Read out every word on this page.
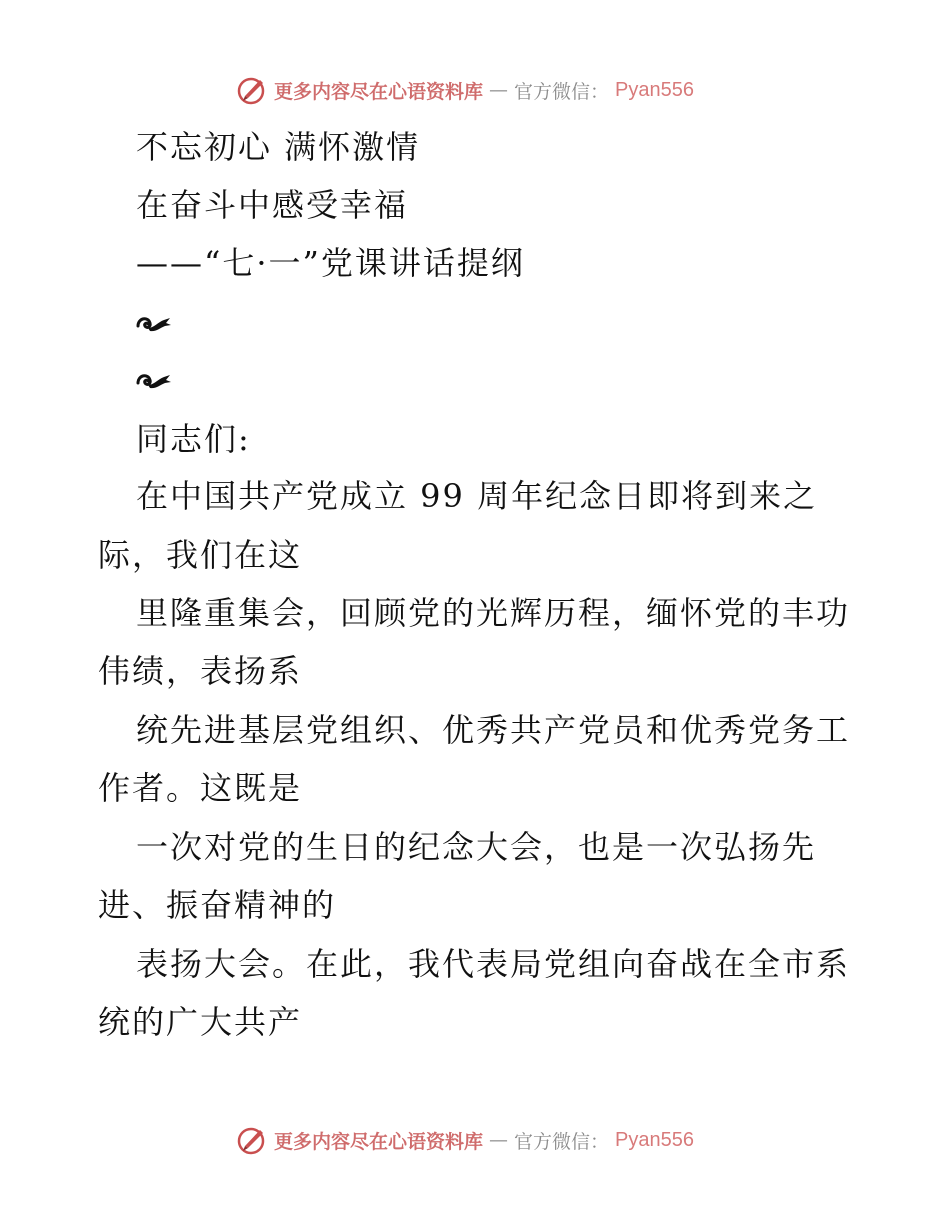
更多内容尽在心语资料库 — 官方微信： Pyan556
不忘初心 满怀激情
在奋斗中感受幸福
——“七·一”党课讲话提纲
同志们:
在中国共产党成立 99 周年纪念日即将到来之
际，我们在这
里隆重集会，回顾党的光辉历程，缅怀党的丰功
伟绩，表扬系
统先进基层党组织、优秀共产党员和优秀党务工
作者。这既是
一次对党的生日的纪念大会，也是一次弘扬先
进、振奋精神的
表扬大会。在此，我代表局党组向奋战在全市系
统的广大共产
更多内容尽在心语资料库 — 官方微信： Pyan556
